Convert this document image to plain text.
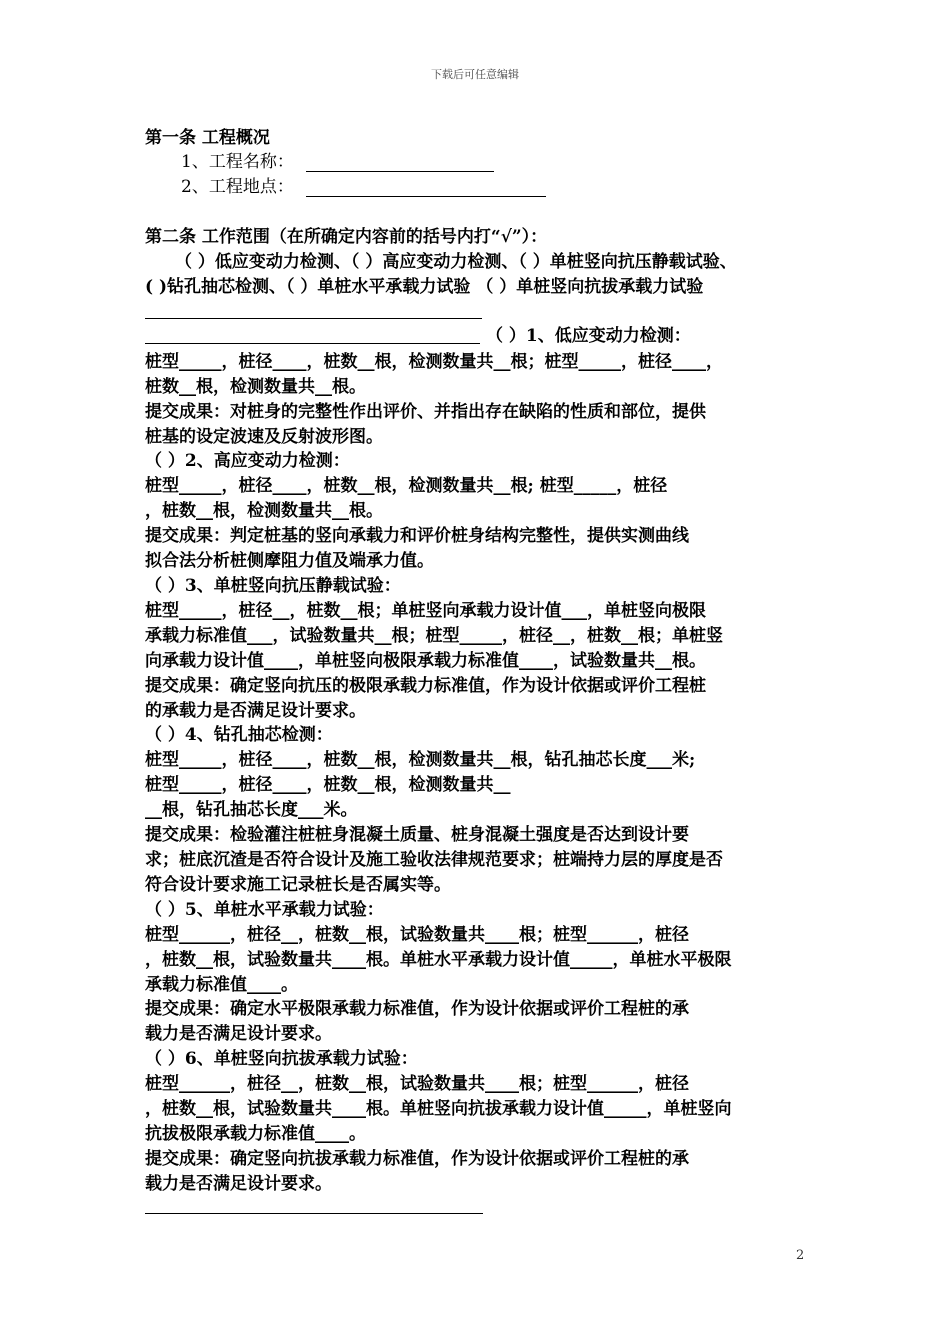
下载后可任意编辑
第一条 工程概况
1、工程名称：
2、工程地点：
第二条 工作范围（在所确定内容前的括号内打“√”）：
（ ）低应变动力检测、（ ）高应变动力检测、（ ）单桩竖向抗压静载试验、
( )钻孔抽芯检测、（ ）单桩水平承载力试验 （ ）单桩竖向抗拔承载力试验
（ ）1、低应变动力检测：
桩型_____，桩径____，桩数__根，检测数量共__根；桩型_____，桩径____，
桩数__根，检测数量共__根。
提交成果：对桩身的完整性作出评价、并指出存在缺陷的性质和部位，提供
桩基的设定波速及反射波形图。
（ ）2、高应变动力检测：
桩型_____，桩径____，桩数__根，检测数量共__根; 桩型_____，桩径
，桩数__根，检测数量共__根。
提交成果：判定桩基的竖向承载力和评价桩身结构完整性，提供实测曲线
拟合法分析桩侧摩阻力值及端承力值。
（ ）3、单桩竖向抗压静载试验：
桩型_____，桩径__，桩数__根；单桩竖向承载力设计值___，单桩竖向极限
承载力标准值___，试验数量共__根；桩型_____，桩径__，桩数__根；单桩竖
向承载力设计值____，单桩竖向极限承载力标准值____，试验数量共__根。
提交成果：确定竖向抗压的极限承载力标准值，作为设计依据或评价工程桩
的承载力是否满足设计要求。
（ ）4、钻孔抽芯检测：
桩型_____，桩径____，桩数__根，检测数量共__根，钻孔抽芯长度___米;
桩型_____，桩径____，桩数__根，检测数量共__
__根，钻孔抽芯长度___米。
提交成果：检验灌注桩桩身混凝土质量、桩身混凝土强度是否达到设计要
求；桩底沉渣是否符合设计及施工验收法律规范要求；桩端持力层的厚度是否
符合设计要求施工记录桩长是否属实等。
（ ）5、单桩水平承载力试验：
桩型______，桩径__，桩数__根，试验数量共____根；桩型______，桩径
，桩数__根，试验数量共____根。单桩水平承载力设计值_____，单桩水平极限
承载力标准值____。
提交成果：确定水平极限承载力标准值，作为设计依据或评价工程桩的承
载力是否满足设计要求。
（ ）6、单桩竖向抗拔承载力试验：
桩型______，桩径__，桩数__根，试验数量共____根；桩型______，桩径
，桩数__根，试验数量共____根。单桩竖向抗拔承载力设计值_____，单桩竖向
抗拔极限承载力标准值____。
提交成果：确定竖向抗拔承载力标准值，作为设计依据或评价工程桩的承
载力是否满足设计要求。
2
